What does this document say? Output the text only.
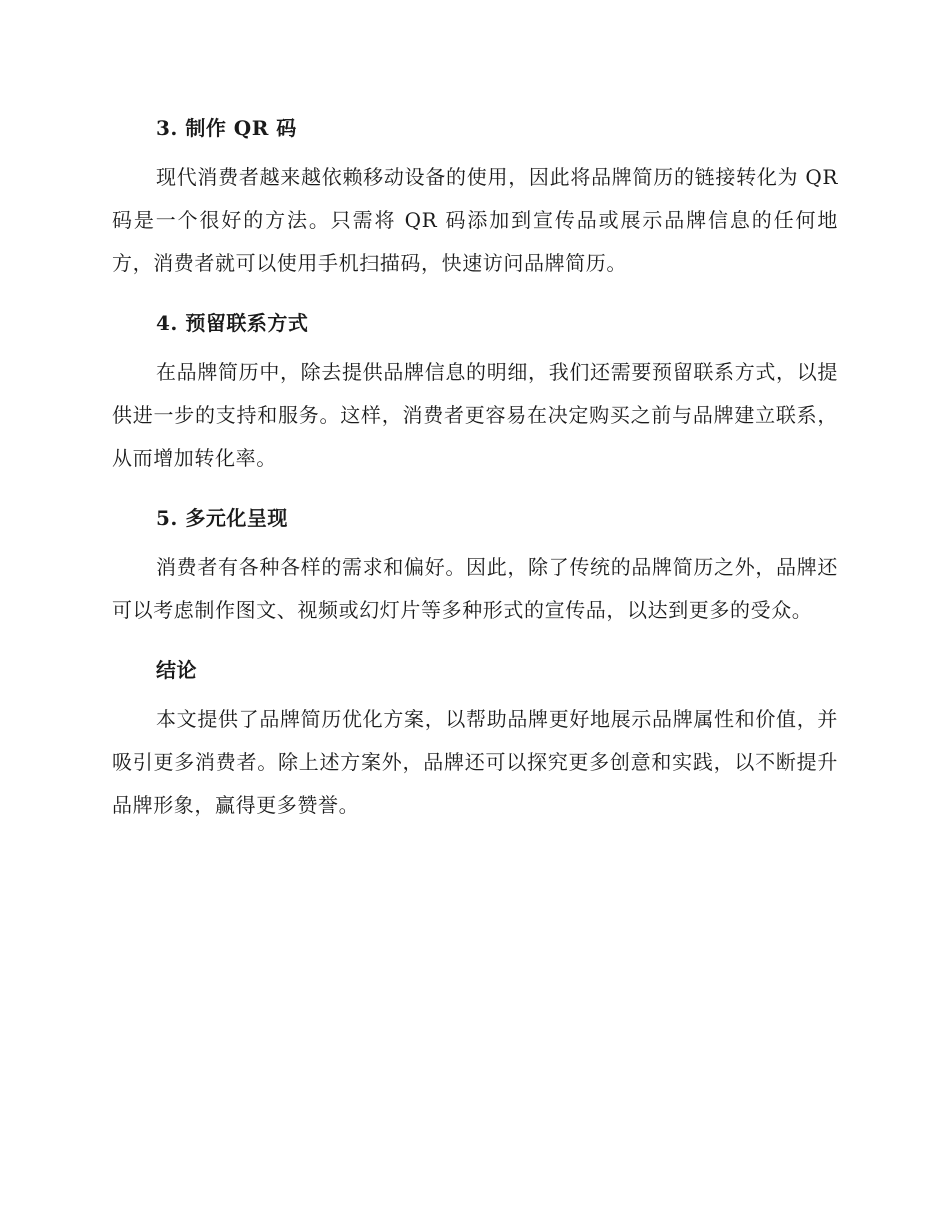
3. 制作 QR 码

现代消费者越来越依赖移动设备的使用，因此将品牌简历的链接转化为 QR 码是一个很好的方法。只需将 QR 码添加到宣传品或展示品牌信息的任何地方，消费者就可以使用手机扫描码，快速访问品牌简历。

4. 预留联系方式

在品牌简历中，除去提供品牌信息的明细，我们还需要预留联系方式，以提供进一步的支持和服务。这样，消费者更容易在决定购买之前与品牌建立联系，从而增加转化率。

5. 多元化呈现

消费者有各种各样的需求和偏好。因此，除了传统的品牌简历之外，品牌还可以考虑制作图文、视频或幻灯片等多种形式的宣传品，以达到更多的受众。

结论

本文提供了品牌简历优化方案，以帮助品牌更好地展示品牌属性和价值，并吸引更多消费者。除上述方案外，品牌还可以探究更多创意和实践，以不断提升品牌形象，赢得更多赞誉。
